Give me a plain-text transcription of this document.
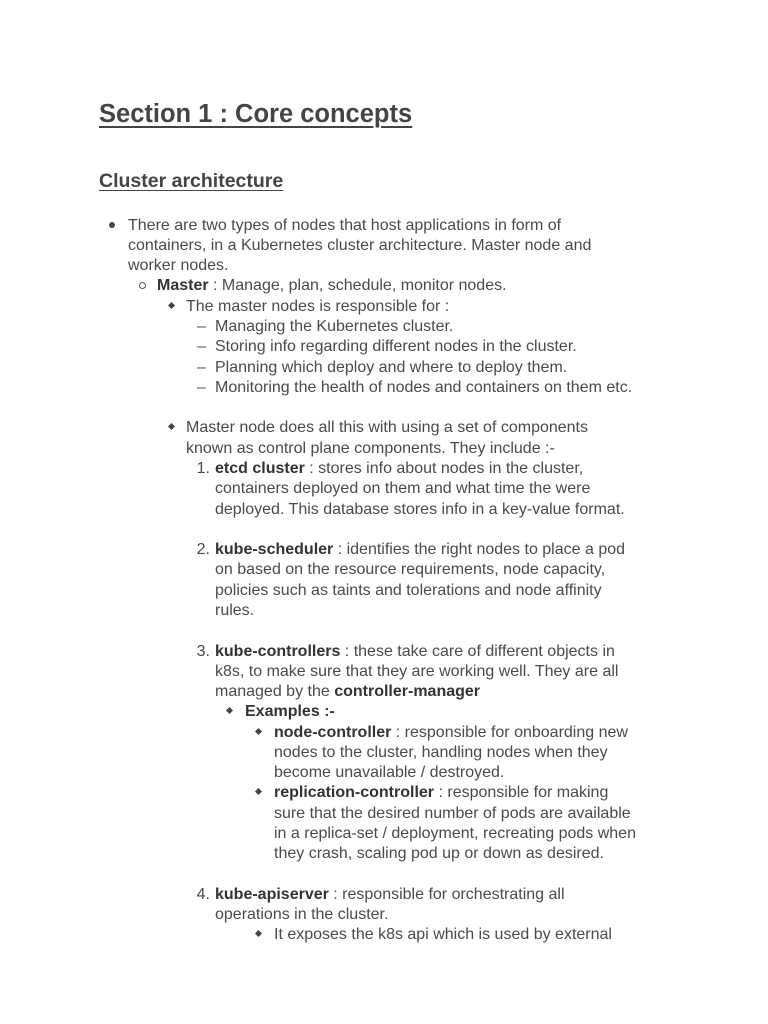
Section 1 : Core concepts
Cluster architecture
There are two types of nodes that host applications in form of
containers, in a Kubernetes cluster architecture. Master node and
worker nodes.
Master : Manage, plan, schedule, monitor nodes.
The master nodes is responsible for :
– Managing the Kubernetes cluster.
– Storing info regarding different nodes in the cluster.
– Planning which deploy and where to deploy them.
– Monitoring the health of nodes and containers on them etc.
Master node does all this with using a set of components
known as control plane components. They include :-
1. etcd cluster : stores info about nodes in the cluster,
containers deployed on them and what time the were
deployed. This database stores info in a key-value format.
2. kube-scheduler : identifies the right nodes to place a pod
on based on the resource requirements, node capacity,
policies such as taints and tolerations and node affinity
rules.
3. kube-controllers : these take care of different objects in
k8s, to make sure that they are working well. They are all
managed by the controller-manager
Examples :-
node-controller : responsible for onboarding new
nodes to the cluster, handling nodes when they
become unavailable / destroyed.
replication-controller : responsible for making
sure that the desired number of pods are available
in a replica-set / deployment, recreating pods when
they crash, scaling pod up or down as desired.
4. kube-apiserver : responsible for orchestrating all
operations in the cluster.
It exposes the k8s api which is used by external
